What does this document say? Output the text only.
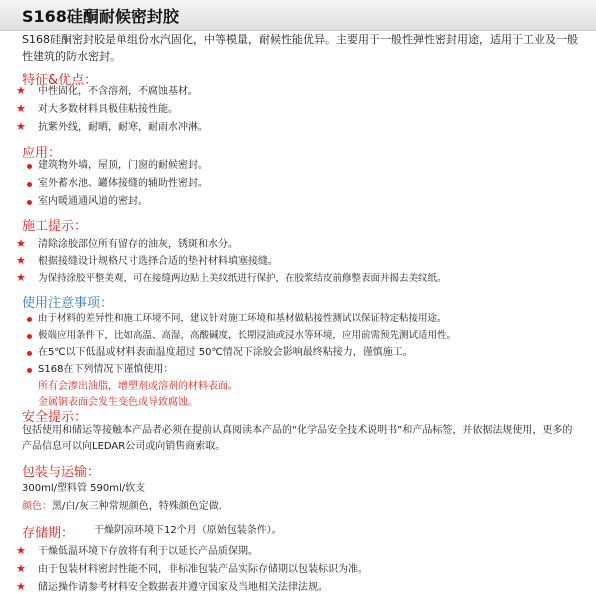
S168硅酮耐候密封胶
S168硅酮密封胶是单组份水汽固化，中等模量，耐候性能优异。主要用于一般性弹性密封用途，适用于工业及一般性建筑的防水密封。
特征&优点：
★ 中性固化，不含溶剂，不腐蚀基材。
★ 对大多数材料具极佳粘接性能。
★ 抗紫外线，耐晒，耐寒，耐雨水冲淋。
应用：
建筑物外墙，屋顶，门窗的耐候密封。
室外蓄水池、罐体接缝的辅助性密封。
室内暖通通风道的密封。
施工提示：
★ 清除涂胶部位所有留存的油灰，锈斑和水分。
★ 根据接缝设计规格尺寸选择合适的垫衬材料填塞接缝。
★ 为保持涂胶平整美观，可在接缝两边贴上美纹纸进行保护，在胶浆结皮前修整表面并揭去美纹纸。
使用注意事项：
由于材料的差异性和施工环境不同，建议针对施工环境和基材做粘接性测试以保证特定粘接用途。
极端应用条件下，比如高温、高湿，高酸碱度，长期浸油或浸水等环境，应用前需预先测试适用性。
在5℃以下低温或材料表面温度超过 50℃情况下涂胶会影响最终粘接力，谨慎施工。
S168在下列情况下谨慎使用：
所有会渗出油脂，增塑剂或溶剂的材料表面。
金属铜表面会发生变色或导致腐蚀。
安全提示：
包括使用和储运等接触本产品者必须在提前认真阅读本产品的“化学品安全技术说明书”和产品标签，并依据法规使用，更多的产品信息可以向LEDAR公司或向销售商索取。
包装与运输：
300ml/塑料管 590ml/软支
颜色：黑/白/灰三种常规颜色，特殊颜色定做.
存储期： 干燥阴凉环境下12个月（原始包装条件）。
★ 干燥低温环境下存放将有利于以延长产品质保期。
★ 由于包装材料密封性能不同，非标准包装产品实际存储期以包装标识为准。
★ 储运操作请参考材料安全数据表并遵守国家及当地相关法律法规。
